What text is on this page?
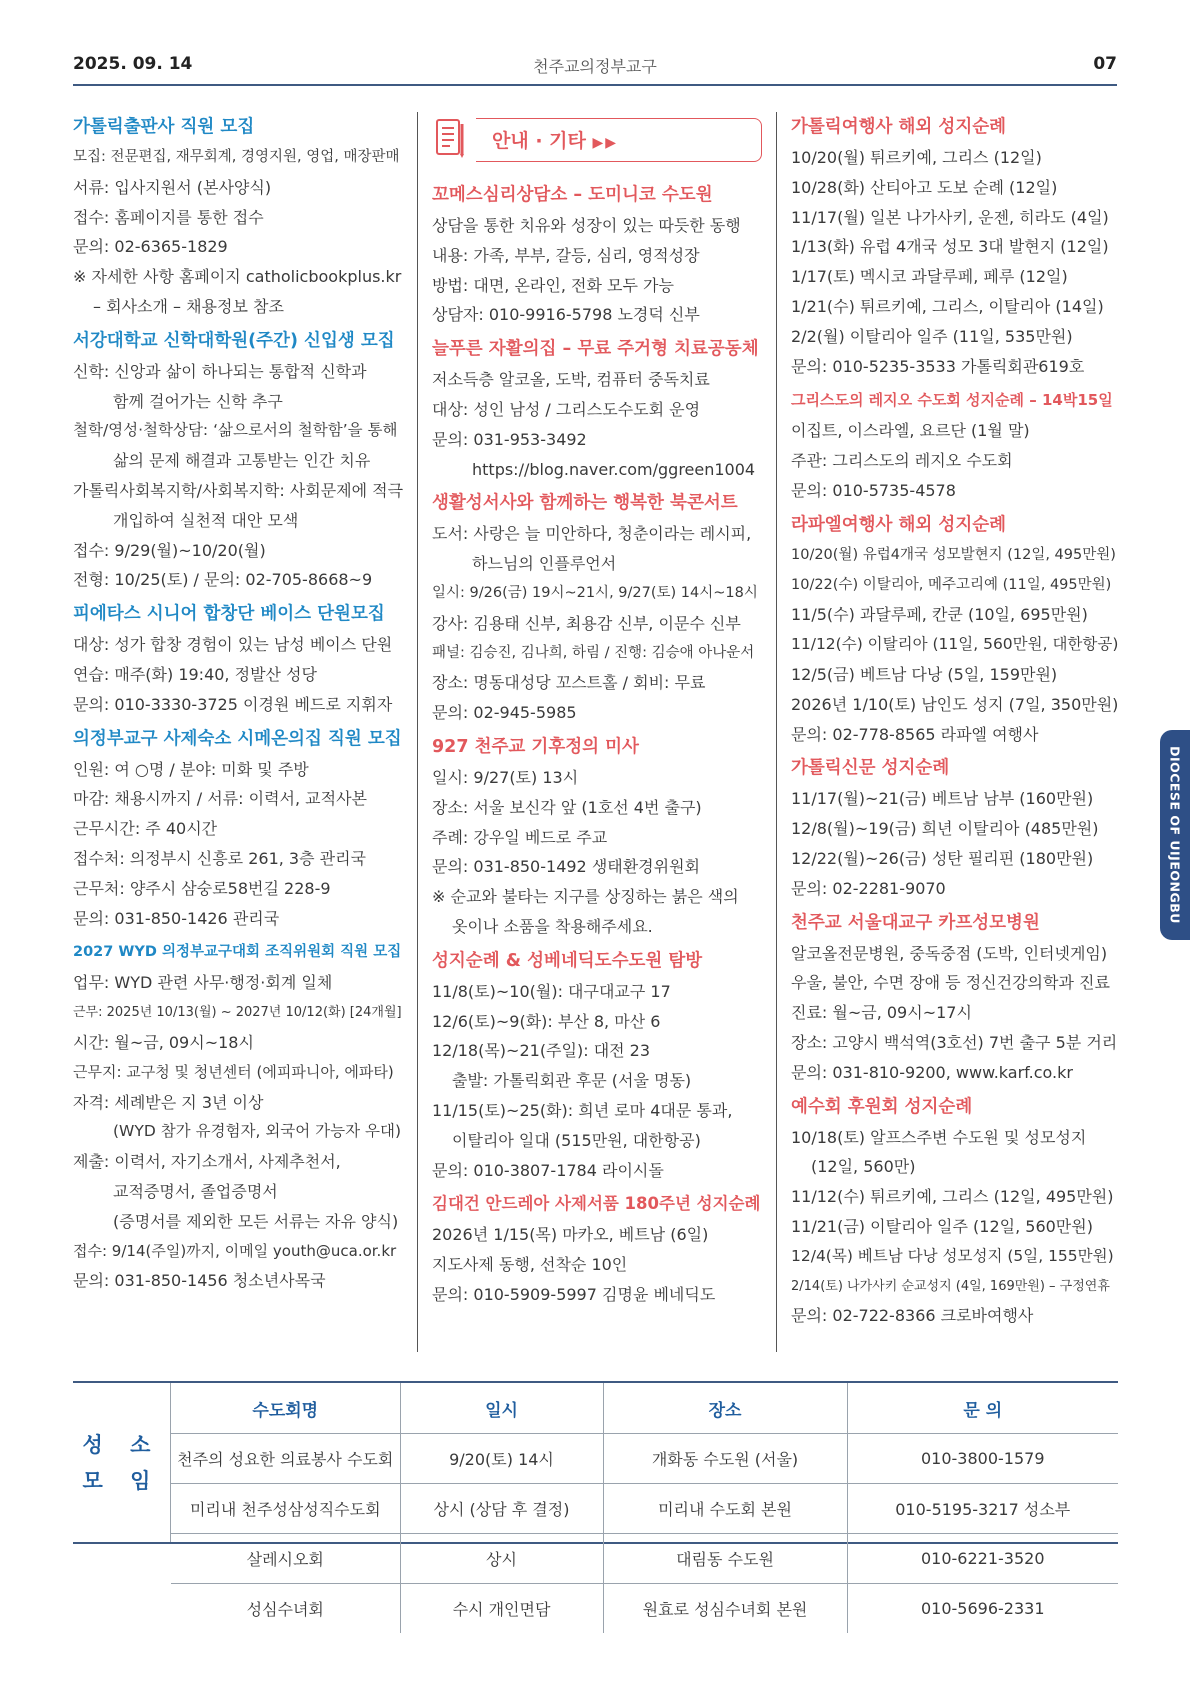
2025. 09. 14	천주교의정부교구	07
가톨릭출판사 직원 모집
모집: 전문편집, 재무회계, 경영지원, 영업, 매장판매
서류: 입사지원서 (본사양식)
접수: 홈페이지를 통한 접수
문의: 02-6365-1829
※ 자세한 사항 홈페이지 catholicbookplus.kr
– 회사소개 – 채용정보 참조
서강대학교 신학대학원(주간) 신입생 모집
신학: 신앙과 삶이 하나되는 통합적 신학과
함께 걸어가는 신학 추구
철학/영성·철학상담: ‘삶으로서의 철학함’을 통해
삶의 문제 해결과 고통받는 인간 치유
가톨릭사회복지학/사회복지학: 사회문제에 적극
개입하여 실천적 대안 모색
접수: 9/29(월)~10/20(월)
전형: 10/25(토) / 문의: 02-705-8668~9
피에타스 시니어 합창단 베이스 단원모집
대상: 성가 합창 경험이 있는 남성 베이스 단원
연습: 매주(화) 19:40, 정발산 성당
문의: 010-3330-3725 이경원 베드로 지휘자
의정부교구 사제숙소 시메온의집 직원 모집
인원: 여 ○명 / 분야: 미화 및 주방
마감: 채용시까지 / 서류: 이력서, 교적사본
근무시간: 주 40시간
접수처: 의정부시 신흥로 261, 3층 관리국
근무처: 양주시 삼숭로58번길 228-9
문의: 031-850-1426 관리국
2027 WYD 의정부교구대회 조직위원회 직원 모집
업무: WYD 관련 사무·행정·회계 일체
근무: 2025년 10/13(월) ~ 2027년 10/12(화) [24개월]
시간: 월~금, 09시~18시
근무지: 교구청 및 청년센터 (에피파니아, 에파타)
자격: 세례받은 지 3년 이상
(WYD 참가 유경험자, 외국어 가능자 우대)
제출: 이력서, 자기소개서, 사제추천서,
교적증명서, 졸업증명서
(증명서를 제외한 모든 서류는 자유 양식)
접수: 9/14(주일)까지, 이메일 youth@uca.or.kr
문의: 031-850-1456 청소년사목국
안내 · 기타 ▶▶
꼬메스심리상담소 – 도미니코 수도원
상담을 통한 치유와 성장이 있는 따듯한 동행
내용: 가족, 부부, 갈등, 심리, 영적성장
방법: 대면, 온라인, 전화 모두 가능
상담자: 010-9916-5798 노경덕 신부
늘푸른 자활의집 – 무료 주거형 치료공동체
저소득층 알코올, 도박, 컴퓨터 중독치료
대상: 성인 남성 / 그리스도수도회 운영
문의: 031-953-3492
https://blog.naver.com/ggreen1004
생활성서사와 함께하는 행복한 북콘서트
도서: 사랑은 늘 미안하다, 청춘이라는 레시피,
하느님의 인플루언서
일시: 9/26(금) 19시~21시, 9/27(토) 14시~18시
강사: 김용태 신부, 최용감 신부, 이문수 신부
패널: 김승진, 김나희, 하림 / 진행: 김승애 아나운서
장소: 명동대성당 꼬스트홀 / 회비: 무료
문의: 02-945-5985
927 천주교 기후정의 미사
일시: 9/27(토) 13시
장소: 서울 보신각 앞 (1호선 4번 출구)
주례: 강우일 베드로 주교
문의: 031-850-1492 생태환경위원회
※ 순교와 불타는 지구를 상징하는 붉은 색의
옷이나 소품을 착용해주세요.
성지순례 & 성베네딕도수도원 탐방
11/8(토)~10(월): 대구대교구 17
12/6(토)~9(화): 부산 8, 마산 6
12/18(목)~21(주일): 대전 23
출발: 가톨릭회관 후문 (서울 명동)
11/15(토)~25(화): 희년 로마 4대문 통과,
이탈리아 일대 (515만원, 대한항공)
문의: 010-3807-1784 라이시돌
김대건 안드레아 사제서품 180주년 성지순례
2026년 1/15(목) 마카오, 베트남 (6일)
지도사제 동행, 선착순 10인
문의: 010-5909-5997 김명윤 베네딕도
가톨릭여행사 해외 성지순례
10/20(월) 튀르키예, 그리스 (12일)
10/28(화) 산티아고 도보 순례 (12일)
11/17(월) 일본 나가사키, 운젠, 히라도 (4일)
1/13(화) 유럽 4개국 성모 3대 발현지 (12일)
1/17(토) 멕시코 과달루페, 페루 (12일)
1/21(수) 튀르키예, 그리스, 이탈리아 (14일)
2/2(월) 이탈리아 일주 (11일, 535만원)
문의: 010-5235-3533 가톨릭회관619호
그리스도의 레지오 수도회 성지순례 – 14박15일
이집트, 이스라엘, 요르단 (1월 말)
주관: 그리스도의 레지오 수도회
문의: 010-5735-4578
라파엘여행사 해외 성지순례
10/20(월) 유럽4개국 성모발현지 (12일, 495만원)
10/22(수) 이탈리아, 메주고리예 (11일, 495만원)
11/5(수) 과달루페, 칸쿤 (10일, 695만원)
11/12(수) 이탈리아 (11일, 560만원, 대한항공)
12/5(금) 베트남 다낭 (5일, 159만원)
2026년 1/10(토) 남인도 성지 (7일, 350만원)
문의: 02-778-8565 라파엘 여행사
가톨릭신문 성지순례
11/17(월)~21(금) 베트남 남부 (160만원)
12/8(월)~19(금) 희년 이탈리아 (485만원)
12/22(월)~26(금) 성탄 필리핀 (180만원)
문의: 02-2281-9070
천주교 서울대교구 카프성모병원
알코올전문병원, 중독중점 (도박, 인터넷게임)
우울, 불안, 수면 장애 등 정신건강의학과 진료
진료: 월~금, 09시~17시
장소: 고양시 백석역(3호선) 7번 출구 5분 거리
문의: 031-810-9200, www.karf.co.kr
예수회 후원회 성지순례
10/18(토) 알프스주변 수도원 및 성모성지
(12일, 560만)
11/12(수) 튀르키예, 그리스 (12일, 495만원)
11/21(금) 이탈리아 일주 (12일, 560만원)
12/4(목) 베트남 다낭 성모성지 (5일, 155만원)
2/14(토) 나가사키 순교성지 (4일, 169만원) – 구정연휴
문의: 02-722-8366 크로바여행사
DIOCESE OF UIJEONGBU
성 소
모 임
수도회명	일시	장소	문 의
천주의 성요한 의료봉사 수도회	9/20(토) 14시	개화동 수도원 (서울)	010-3800-1579
미리내 천주성삼성직수도회	상시 (상담 후 결정)	미리내 수도회 본원	010-5195-3217 성소부
살레시오회	상시	대림동 수도원	010-6221-3520
성심수녀회	수시 개인면담	원효로 성심수녀회 본원	010-5696-2331
